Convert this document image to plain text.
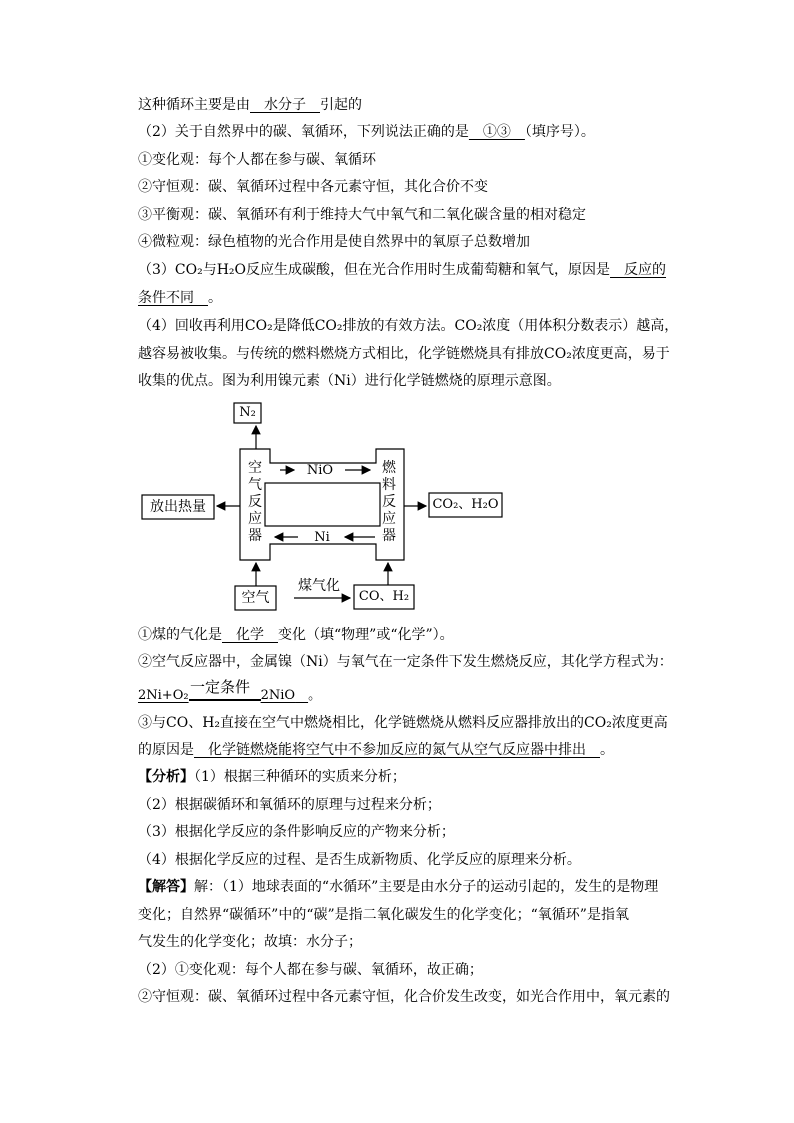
这种循环主要是由　水分子　引起的
（2）关于自然界中的碳、氧循环，下列说法正确的是　①③　（填序号）。
①变化观：每个人都在参与碳、氧循环
②守恒观：碳、氧循环过程中各元素守恒，其化合价不变
③平衡观：碳、氧循环有利于维持大气中氧气和二氧化碳含量的相对稳定
④微粒观：绿色植物的光合作用是使自然界中的氧原子总数增加
（3）CO₂与H₂O反应生成碳酸，但在光合作用时生成葡萄糖和氧气，原因是　反应的
条件不同　。
（4）回收再利用CO₂是降低CO₂排放的有效方法。CO₂浓度（用体积分数表示）越高，
越容易被收集。与传统的燃料燃烧方式相比，化学链燃烧具有排放CO₂浓度更高，易于
收集的优点。图为利用镍元素（Ni）进行化学链燃烧的原理示意图。
N₂
放出热量	CO₂、H₂O
空气	CO、H₂
煤气化
NiO
Ni
空气反应器
燃料反应器
①煤的气化是　化学　变化（填“物理”或“化学”）。
②空气反应器中，金属镍（Ni）与氧气在一定条件下发生燃烧反应，其化学方程式为：
一定条件
2Ni+O₂	2NiO　 。
③与CO、H₂直接在空气中燃烧相比，化学链燃烧从燃料反应器排放出的CO₂浓度更高
的原因是　化学链燃烧能将空气中不参加反应的氮气从空气反应器中排出　。
【分析】（1）根据三种循环的实质来分析；
（2）根据碳循环和氧循环的原理与过程来分析；
（3）根据化学反应的条件影响反应的产物来分析；
（4）根据化学反应的过程、是否生成新物质、化学反应的原理来分析。
【解答】解：（1）地球表面的“水循环”主要是由水分子的运动引起的，发生的是物理
变化；自然界“碳循环”中的“碳”是指二氧化碳发生的化学变化；“氧循环”是指氧
气发生的化学变化；故填：水分子；
（2）①变化观：每个人都在参与碳、氧循环，故正确；
②守恒观：碳、氧循环过程中各元素守恒，化合价发生改变，如光合作用中，氧元素的
